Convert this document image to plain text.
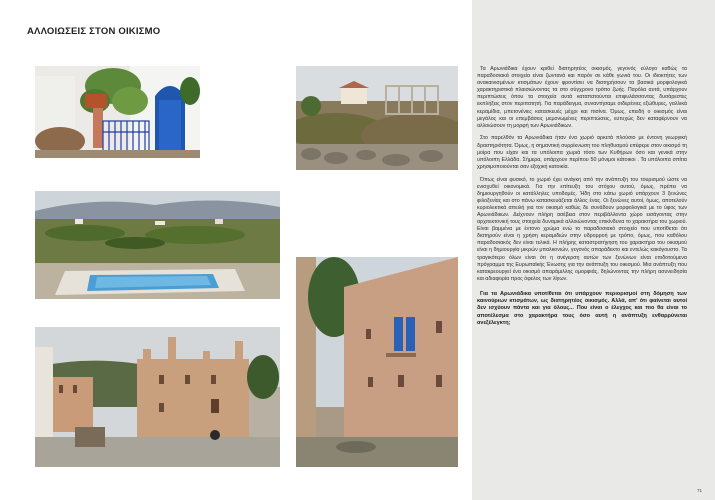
ΑΛΛΟΙΩΣΕΙΣ ΣΤΟΝ ΟΙΚΙΣΜΟ

Τα Αρωνιάδικα έχουν κριθεί διατηρητέος οικισμός, γεγονός εύλογο καθώς τα παραδοσιακά στοιχεία είναι ζωντανά και παρόν σε κάθε γωνιά του. Οι ιδιοκτήτες των ανακαινισμένων κτισμάτων έχουν φροντίσει να διατηρήσουν τα βασικά μορφολογικά χαρακτηριστικά πλαισιώνοντας τα στο σύγχρονο τρόπο ζωής. Παρόλα αυτά, υπάρχουν περιπτώσεις όπου τα στοιχεία αυτά καταπατούνται επιφυλάσσοντας δυσάρεστες εκπλήξεις στον περιπατητή. Για παράδειγμα, συναντήσαμε σιδερένιες εξώθυρες, γαλλικά κεραμίδια, μπετονένιες κατασκευές μέχρι και πισίνα. Όμως, επειδή ο οικισμός είναι μεγάλος και οι επεμβάσεις μεμονωμένες περιπτώσεις, ευτυχώς δεν καταφέρνουν να αλλοιώσουν τη μορφή των Αρωνιάδικων.

Στο παρελθόν τα Αρωνιάδικα ήταν ένα χωριό αρκετά πλούσιο με έντονη γεωργική δραστηριότητα. Όμως, η σημαντική συρρίκνωση του πληθυσμού επέφερε στον οικισμό τη μοίρα που είχαν και τα υπόλοιπα χωριά τόσο των Κυθήρων όσο και γενικά στην υπόλοιπη Ελλάδα. Σήμερα, υπάρχουν περίπου 50 μόνιμοι κάτοικοι . Τα υπόλοιπα σπίτια χρησιμοποιούνται σαν εξοχική κατοικία.

Όπως είναι φυσικό, το χωριό έχει ανάγκη από την ανάπτυξη του τουρισμού ώστε να ενισχυθεί οικονομικά. Για την επίτευξη του στόχου αυτού, όμως, πρέπει να δημιουργηθούν οι κατάλληλες υποδομές. Ήδη στο κάτω χωριό υπάρχουν 3 ξενώνες φιλοξενίας και στο πάνω κατασκευάζεται άλλος ένας. Οι ξενώνες αυτοί, όμως, αποτελούν κυριολεκτικά απειλή για τον οικισμό καθώς δε συνάδουν μορφολογικά με το ύφος των Αρωνιάδικων. Δείχνουν πλήρη ασέβεια στον περιβάλλοντα χώρο εισάγοντας στην αρχιτεκτονική τους στοιχεία δυναμικά αλλοιώνοντας επικίνδυνα το χαρακτήρα του χωριού. Είναι βαμμένα με έντονο χρώμα ενώ το παραδοσιακό στοιχείο που υποτίθεται ότι διατηρούν είναι η χρήση κεραμιδιών στην υδρορροή με τρόπο, όμως, που καθόλου παραδοσιακός δεν είναι τελικά. Η πλήρης καταστρατήγηση του χαρακτήρα του οικισμού είναι η δημιουργία μικρών μπαλκονιών, γεγονός απαράδεκτο και εντελώς κακόγουστο. Τα τραγικότερο όλων είναι ότι η ανέγερση αυτών των ξενώνων είναι επιδοτούμενα πρόγραμμα της Ευρωπαϊκής Ένωσης για την ανάπτυξη του οικισμού. Μια ανάπτυξη που κατακρεουργεί ένα οικισμό απαράμιλλης ομορφιάς, δηλώνοντας την πλήρη ασυνειδησία και αδιαφορία προς όφελος των λίγων.

Για τα Αρωνιάδικα υποτίθεται ότι υπάρχουν περιορισμοί στη δόμηση των καινούριων κτισμάτων, ως διατηρητέος οικισμός. Αλλά, απ' ότι φαίνεται αυτοί δεν ισχύουν πάντα και για όλους... Που είναι ο έλεγχος και πιο θα είναι το αποτέλεσμα στο χαρακτήρα τους όσο αυτή η ανάπτυξη ενθαρρύνεται ανεξέλεγκτη;

71
